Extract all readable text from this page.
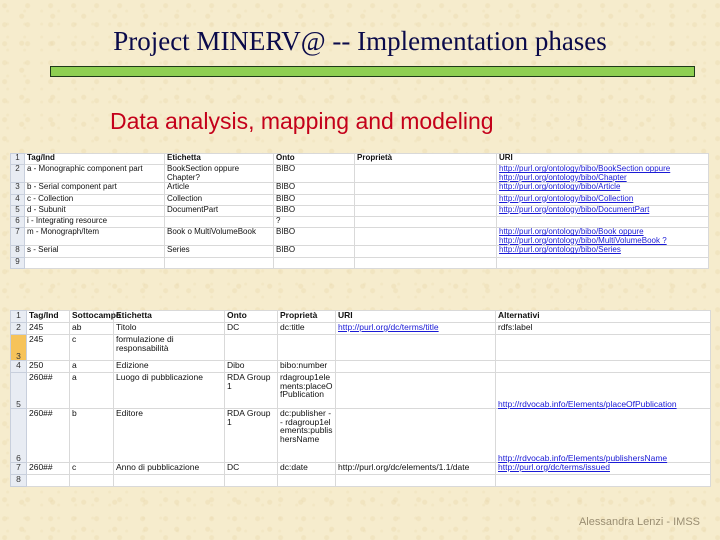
Project MINERV@ -- Implementation phases
Data analysis, mapping and modeling
1	Tag/Ind	Etichetta	Onto	Proprietà	URI
2	a - Monographic component part	BookSection oppure Chapter?	BIBO		http://purl.org/ontology/bibo/BookSection oppure http://purl.org/ontology/bibo/Chapter
3	b - Serial component part	Article	BIBO		http://purl.org/ontology/bibo/Article
4	c - Collection	Collection	BIBO		http://purl.org/ontology/bibo/Collection
5	d - Subunit	DocumentPart	BIBO		http://purl.org/ontology/bibo/DocumentPart
6	i - Integrating resource		?		
7	m - Monograph/Item	Book o MultiVolumeBook	BIBO		http://purl.org/ontology/bibo/Book oppure http://purl.org/ontology/bibo/MultiVolumeBook ?
8	s - Serial	Series	BIBO		http://purl.org/ontology/bibo/Series
9					
1	Tag/Ind	Sottocampo	Etichetta	Onto	Proprietà	URI	Alternativi
2	245	ab	Titolo	DC	dc:title	http://purl.org/dc/terms/title	rdfs:label
3	245	c	formulazione di responsabilità				
4	250	a	Edizione	Dibo	bibo:number		
5	260##	a	Luogo di pubblicazione	RDA Group 1	rdagroup1elements:placeOfPublication		http://rdvocab.info/Elements/placeOfPublication
6	260##	b	Editore	RDA Group 1	dc:publisher -- rdagroup1elements:publishersName		http://rdvocab.info/Elements/publishersName
7	260##	c	Anno di pubblicazione	DC	dc:date	http://purl.org/dc/elements/1.1/date	http://purl.org/dc/terms/issued
8							
Alessandra Lenzi - IMSS
